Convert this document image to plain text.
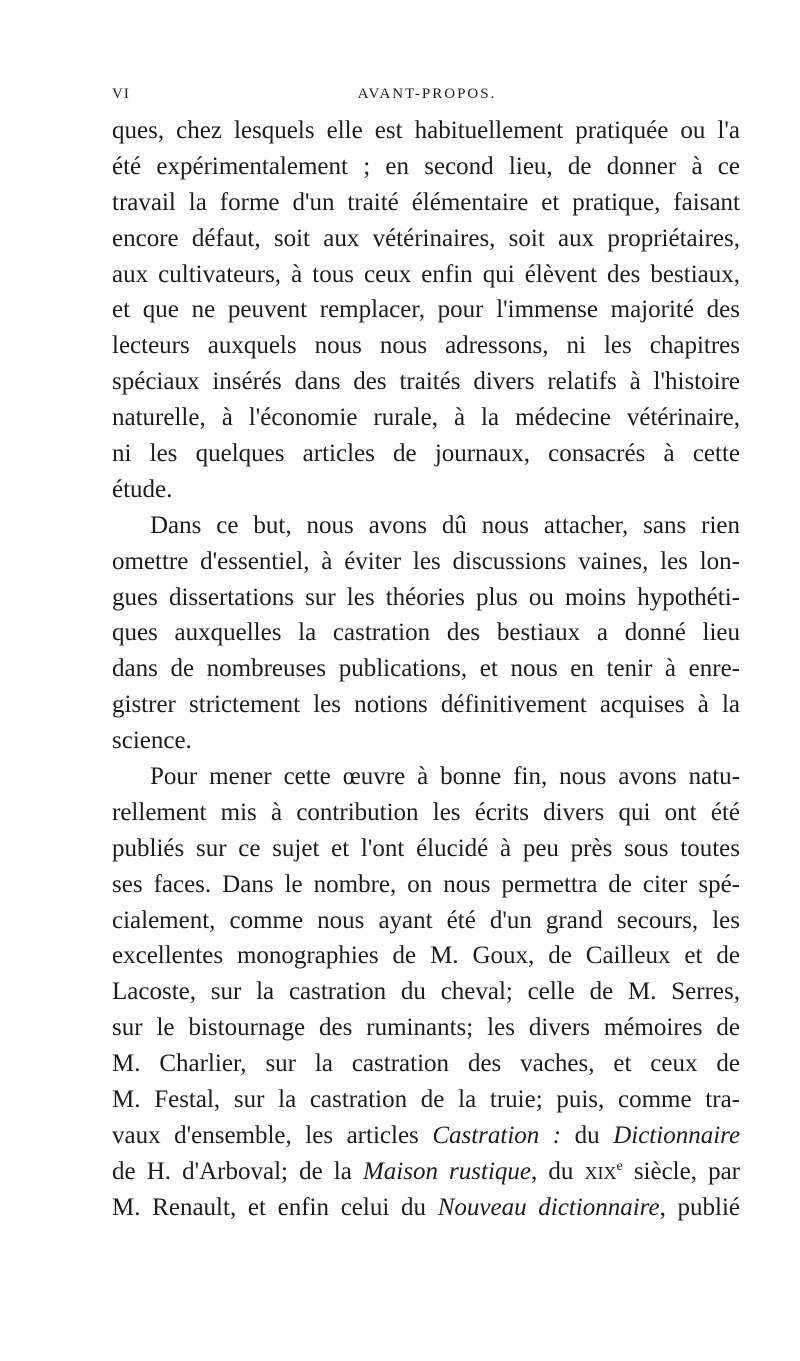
VI	AVANT-PROPOS.
ques, chez lesquels elle est habituellement pratiquée ou l'a
été expérimentalement ; en second lieu, de donner à ce
travail la forme d'un traité élémentaire et pratique, faisant
encore défaut, soit aux vétérinaires, soit aux propriétaires,
aux cultivateurs, à tous ceux enfin qui élèvent des bestiaux,
et que ne peuvent remplacer, pour l'immense majorité des
lecteurs auxquels nous nous adressons, ni les chapitres
spéciaux insérés dans des traités divers relatifs à l'histoire
naturelle, à l'économie rurale, à la médecine vétérinaire,
ni les quelques articles de journaux, consacrés à cette
étude.
Dans ce but, nous avons dû nous attacher, sans rien
omettre d'essentiel, à éviter les discussions vaines, les lon-
gues dissertations sur les théories plus ou moins hypothéti-
ques auxquelles la castration des bestiaux a donné lieu
dans de nombreuses publications, et nous en tenir à enre-
gistrer strictement les notions définitivement acquises à la
science.
Pour mener cette œuvre à bonne fin, nous avons natu-
rellement mis à contribution les écrits divers qui ont été
publiés sur ce sujet et l'ont élucidé à peu près sous toutes
ses faces. Dans le nombre, on nous permettra de citer spé-
cialement, comme nous ayant été d'un grand secours, les
excellentes monographies de M. Goux, de Cailleux et de
Lacoste, sur la castration du cheval; celle de M. Serres,
sur le bistournage des ruminants; les divers mémoires de
M. Charlier, sur la castration des vaches, et ceux de
M. Festal, sur la castration de la truie; puis, comme tra-
vaux d'ensemble, les articles Castration : du Dictionnaire
de H. d'Arboval; de la Maison rustique, du xix$^e$ siècle, par
M. Renault, et enfin celui du Nouveau dictionnaire, publié
